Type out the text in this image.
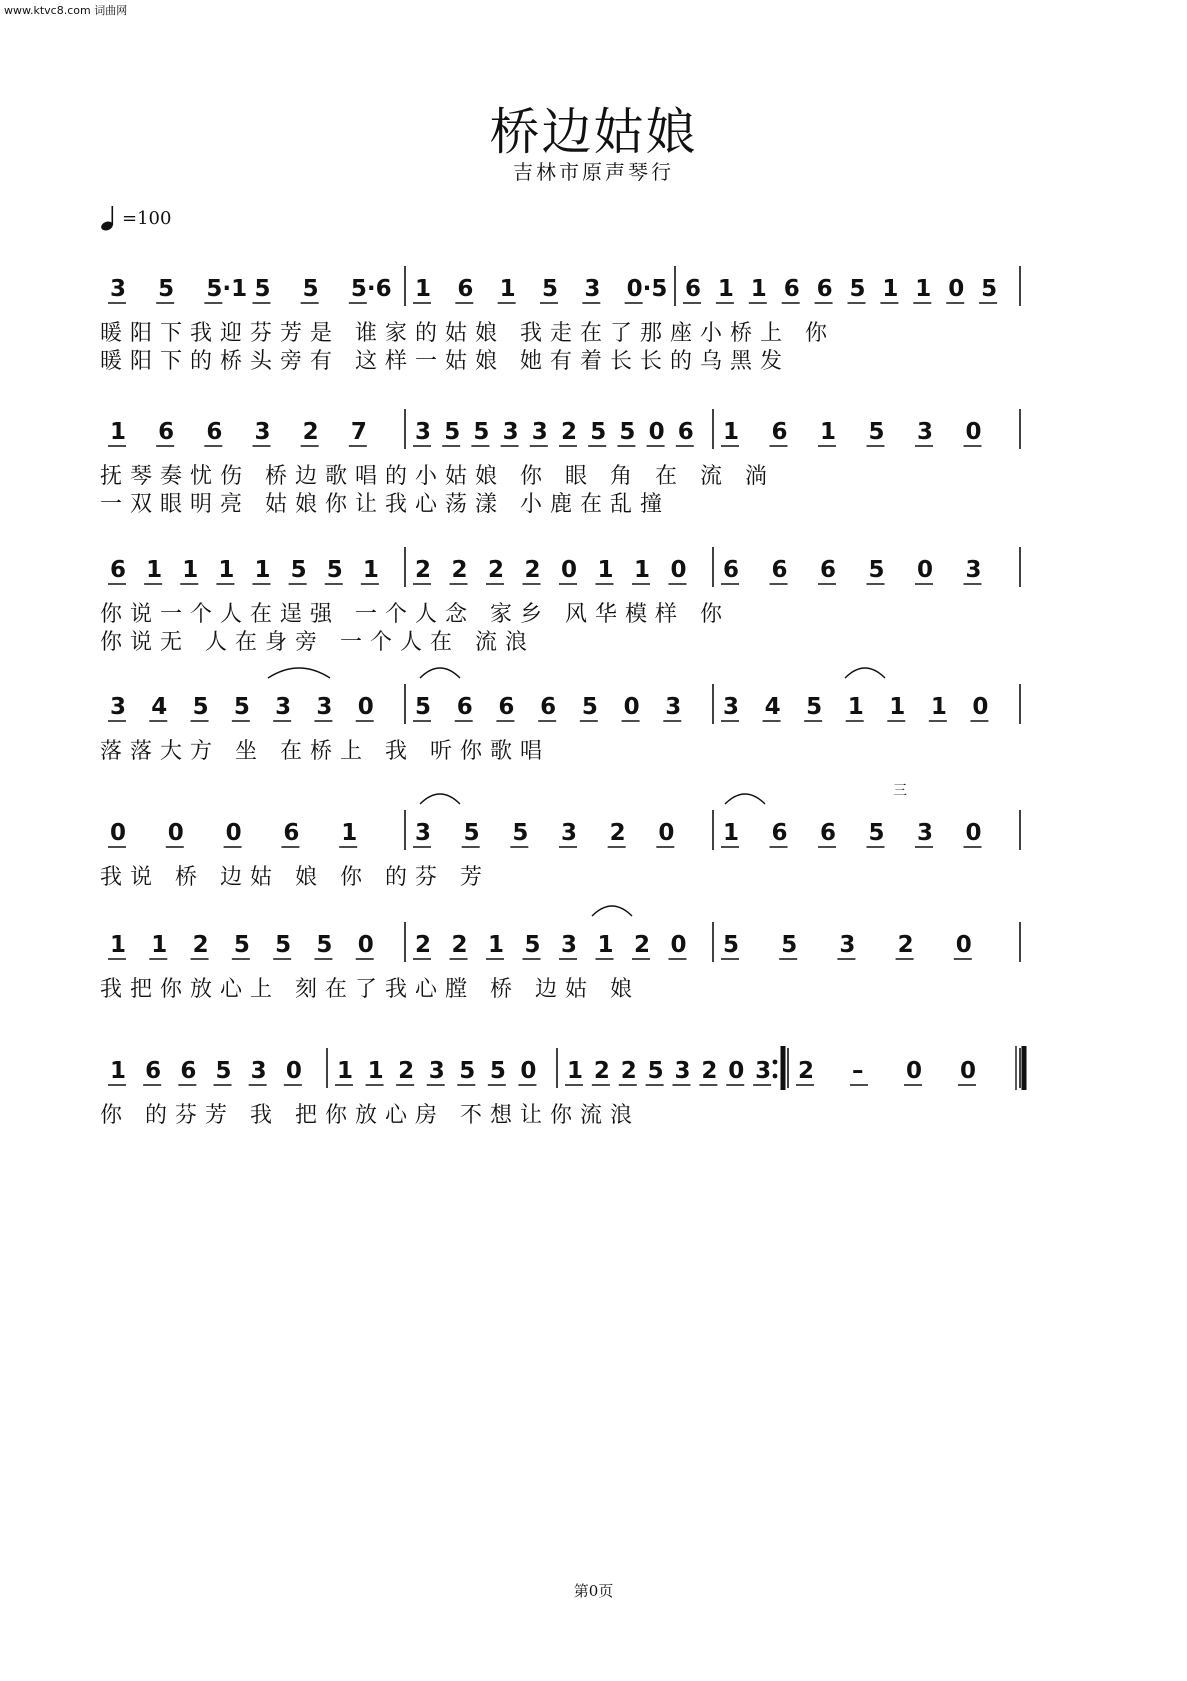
www.ktvc8.com 词曲网
桥边姑娘
吉林市原声琴行
=100
3 5 5·1 5 5 5·6 1 6 1 5 3 0·5 6 1 1 6 6 5 1 1 0 5
1 6 6 3 2 7 3 5 5 3 3 2 5 5 0 6 1 6 1 5 3 0
6 1 1 1 1 5 5 1 2 2 2 2 0 1 1 0 6 6 6 5 0 3
3 4 5 5 3 3 0 5 6 6 6 5 0 3 3 4 5 1 1 1 0
0 0 0 6 1	3 5 5 3 2 0 1 6 6 5 3 0
1 1 2 5 5 5 0 2 2 1 5 3 1 2 0 5 5 3 2 0
1 6 6 5 3 0 1 1 2 3 5 5 0 1 2 2 5 3 2 0 3 2 – 0 0
暖阳下我迎芬芳是 谁家的姑娘 我走在了那座小桥上 你
暖阳下的桥头旁有 这样一姑娘 她有着长长的乌黑发
抚琴奏忧伤 桥边歌唱的小姑娘 你 眼 角 在 流 淌
一双眼明亮 姑娘你让我心荡漾 小鹿在乱撞
你说一个人在逞强 一个人念 家乡 风华模样 你
你说无 人在身旁 一个人在 流浪
落落大方 坐 在桥上 我 听你歌唱
我说 桥 边姑 娘 你 的芬 芳
三
我把你放心上 刻在了我心膛 桥 边姑 娘
你 的芬芳 我 把你放心房 不想让你流浪
第0页
